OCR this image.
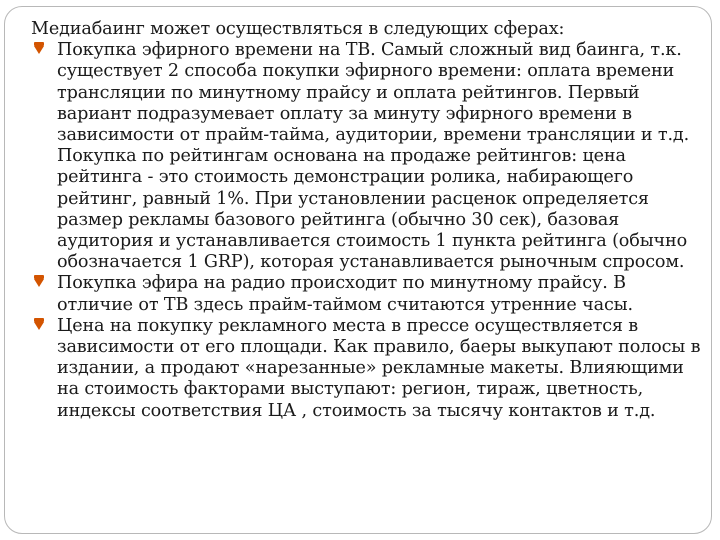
Медиабаинг может осуществляться в следующих сферах:

Покупка эфирного времени на ТВ. Самый сложный вид баинга, т.к. существует 2 способа покупки эфирного времени: оплата времени трансляции по минутному прайсу и оплата рейтингов. Первый вариант подразумевает оплату за минуту эфирного времени в зависимости от прайм-тайма, аудитории, времени трансляции и т.д. Покупка по рейтингам основана на продаже рейтингов: цена рейтинга - это стоимость демонстрации ролика, набирающего рейтинг, равный 1%. При установлении расценок определяется размер рекламы базового рейтинга (обычно 30 сек), базовая аудитория и устанавливается стоимость 1 пункта рейтинга (обычно обозначается 1 GRP), которая устанавливается рыночным спросом.
Покупка эфира на радио происходит по минутному прайсу. В отличие от ТВ здесь прайм-таймом считаются утренние часы.
Цена на покупку рекламного места в прессе осуществляется в зависимости от его площади. Как правило, баеры выкупают полосы в издании, а продают «нарезанные» рекламные макеты. Влияющими на стоимость факторами выступают: регион, тираж, цветность, индексы соответствия ЦА , стоимость за тысячу контактов и т.д.
